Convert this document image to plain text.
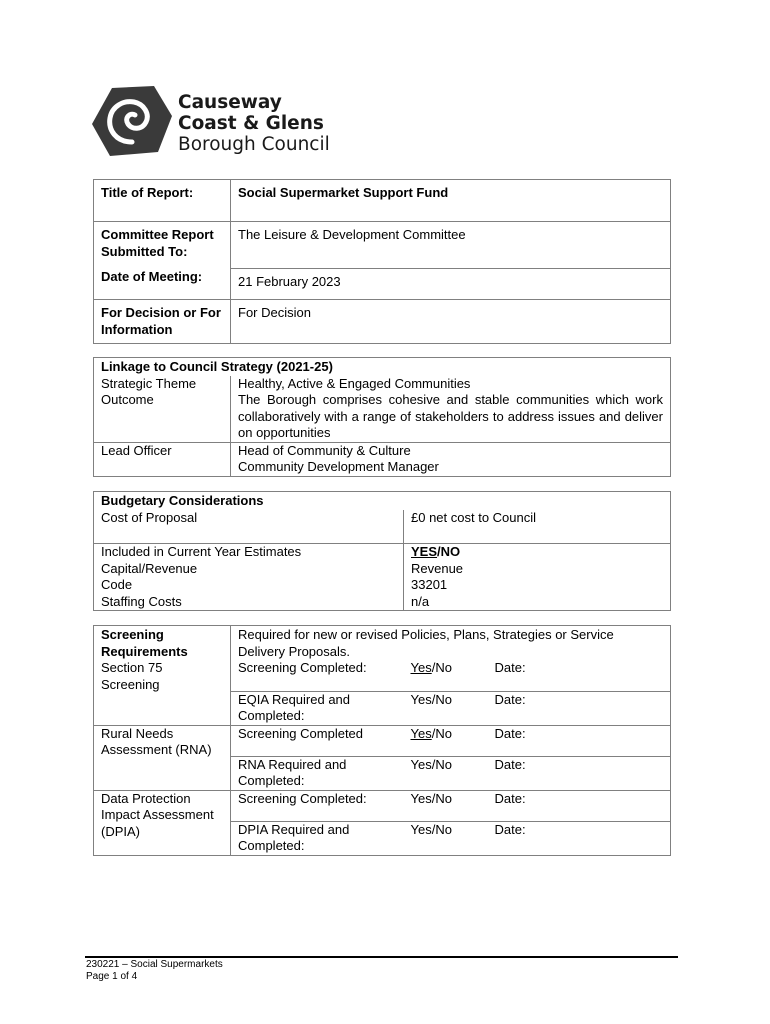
Causeway
Coast & Glens
Borough Council
Title of Report:	Social Supermarket Support Fund
Committee Report Submitted To:	The Leisure & Development Committee
Date of Meeting:	21 February 2023
For Decision or For Information	For Decision
Linkage to Council Strategy (2021-25)	
Strategic Theme	Healthy, Active & Engaged Communities
Outcome	The Borough comprises cohesive and stable communities which work collaboratively with a range of stakeholders to address issues and deliver on opportunities
Lead Officer	Head of Community & Culture
Community Development Manager
Budgetary Considerations	
Cost of Proposal	£0 net cost to Council
Included in Current Year Estimates	YES/NO
Capital/Revenue	Revenue
Code	33201
Staffing Costs	n/a
Screening Requirements
Section 75 Screening	Required for new or revised Policies, Plans, Strategies or Service Delivery Proposals.		
	Screening Completed:	Yes/No	Date:
	EQIA Required and Completed:	Yes/No	Date:
Rural Needs Assessment (RNA)	Screening Completed	Yes/No	Date:
	RNA Required and Completed:	Yes/No	Date:
Data Protection Impact Assessment (DPIA)	Screening Completed:	Yes/No	Date:
	DPIA Required and Completed:	Yes/No	Date:
230221 – Social Supermarkets
Page 1 of 4
